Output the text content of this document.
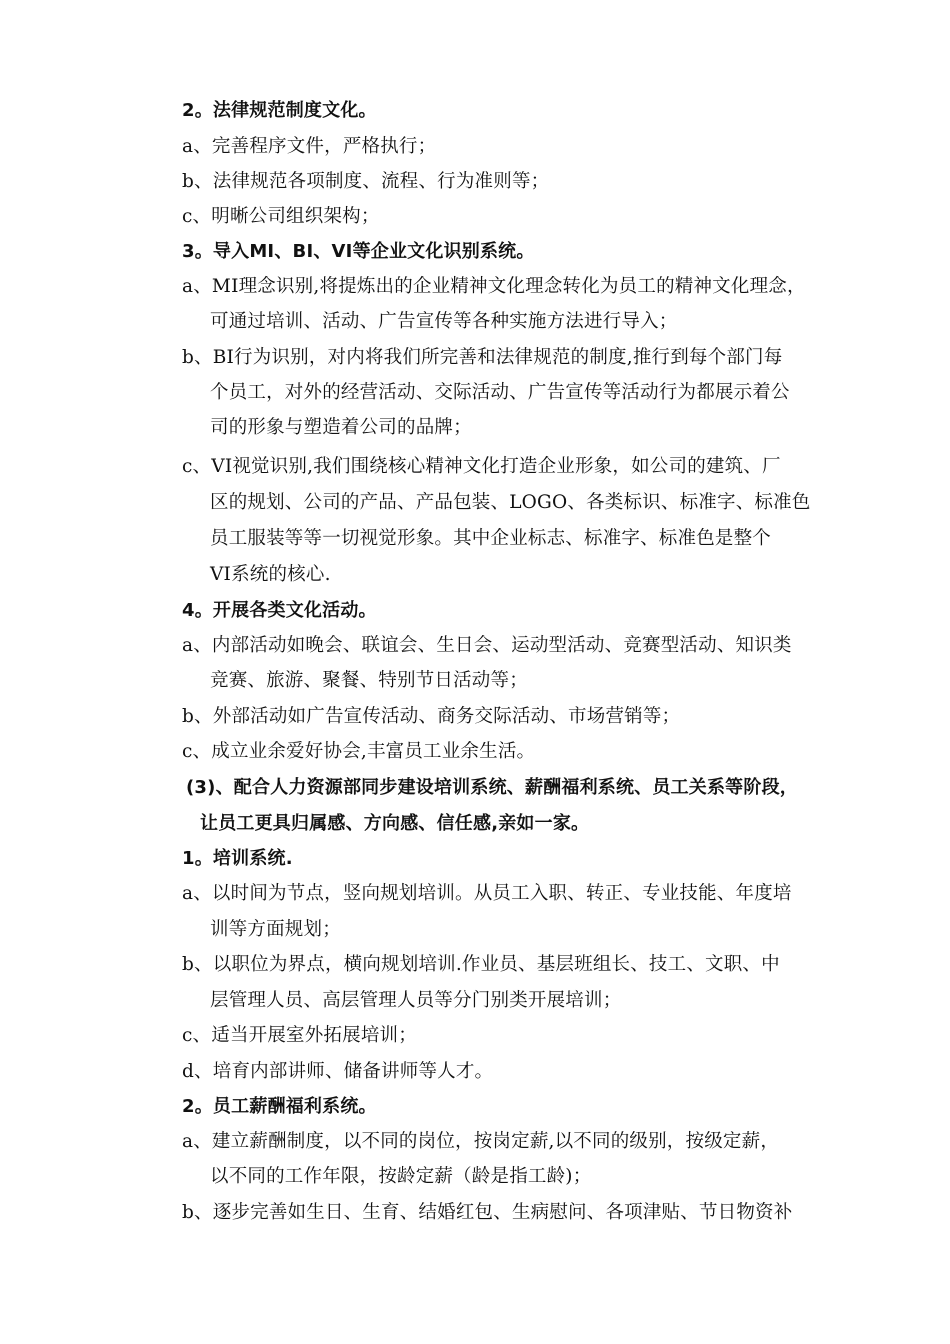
2。法律规范制度文化。
a、完善程序文件，严格执行；
b、法律规范各项制度、流程、行为准则等；
c、明晰公司组织架构；
3。导入MI、BI、VI等企业文化识别系统。
a、MI理念识别,将提炼出的企业精神文化理念转化为员工的精神文化理念，
可通过培训、活动、广告宣传等各种实施方法进行导入；
b、BI行为识别，对内将我们所完善和法律规范的制度,推行到每个部门每
个员工，对外的经营活动、交际活动、广告宣传等活动行为都展示着公
司的形象与塑造着公司的品牌；
c、VI视觉识别,我们围绕核心精神文化打造企业形象，如公司的建筑、厂
区的规划、公司的产品、产品包装、LOGO、各类标识、标准字、标准色
员工服装等等一切视觉形象。其中企业标志、标准字、标准色是整个
VI系统的核心.
4。开展各类文化活动。
a、内部活动如晚会、联谊会、生日会、运动型活动、竞赛型活动、知识类
竞赛、旅游、聚餐、特别节日活动等；
b、外部活动如广告宣传活动、商务交际活动、市场营销等；
c、成立业余爱好协会,丰富员工业余生活。
(3)、配合人力资源部同步建设培训系统、薪酬福利系统、员工关系等阶段，
让员工更具归属感、方向感、信任感,亲如一家。
1。培训系统.
a、以时间为节点，竖向规划培训。从员工入职、转正、专业技能、年度培
训等方面规划；
b、以职位为界点，横向规划培训.作业员、基层班组长、技工、文职、中
层管理人员、高层管理人员等分门别类开展培训；
c、适当开展室外拓展培训；
d、培育内部讲师、储备讲师等人才。
2。员工薪酬福利系统。
a、建立薪酬制度，以不同的岗位，按岗定薪,以不同的级别，按级定薪，
以不同的工作年限，按龄定薪（龄是指工龄)；
b、逐步完善如生日、生育、结婚红包、生病慰问、各项津贴、节日物资补
